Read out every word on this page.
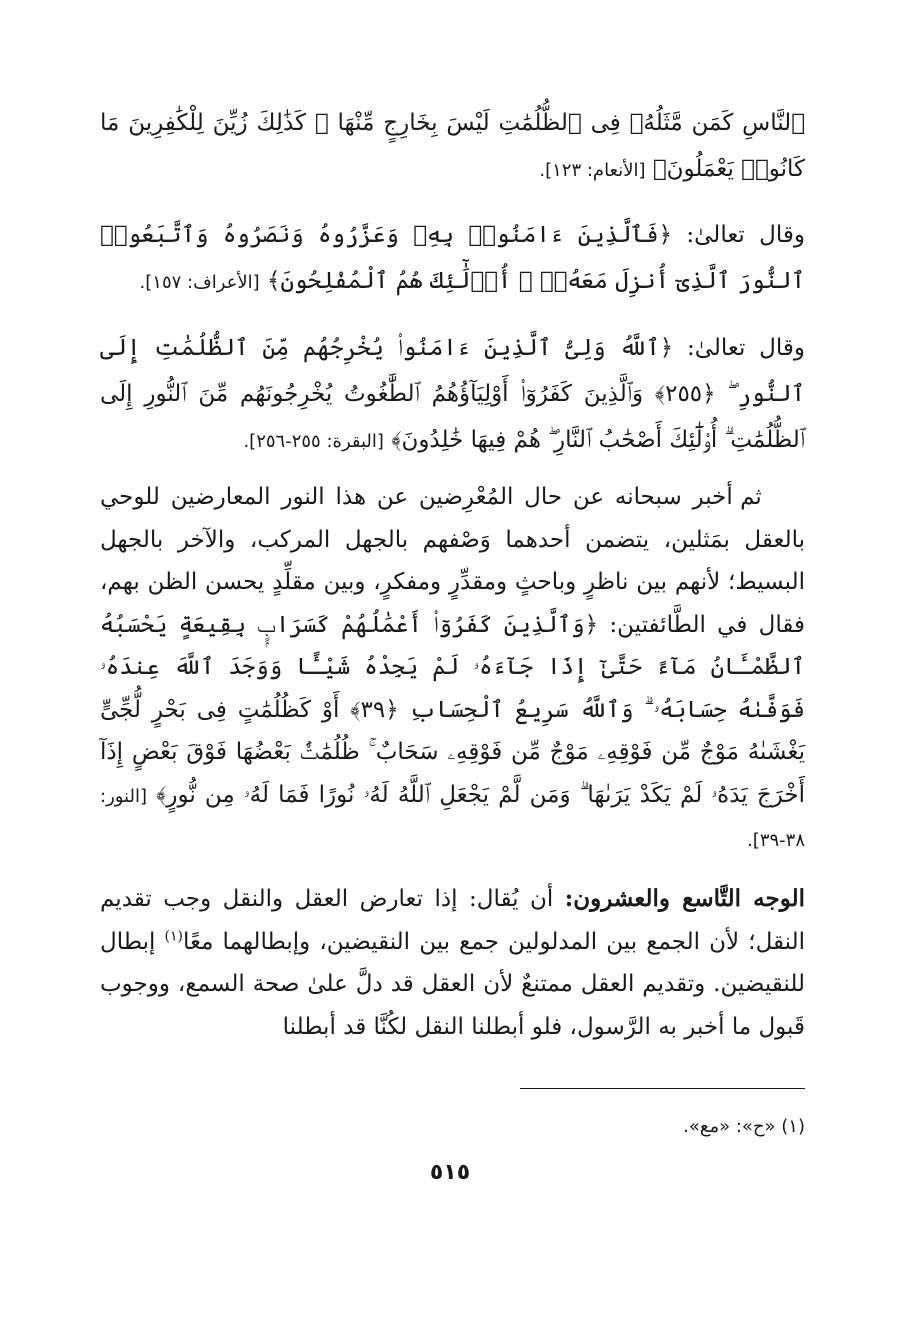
ٱلنَّاسِ كَمَن مَّثَلُهُۥ فِى ٱلظُّلُمَٰتِ لَيْسَ بِخَارِجٍ مِّنْهَا ۚ كَذَٰلِكَ زُيِّنَ لِلْكَٰفِرِينَ مَا كَانُوا۟ يَعْمَلُونَ﴾ [الأنعام: ١٢٣].
وقال تعالىٰ: ﴿فَٱلَّذِينَ ءَامَنُوا۟ بِهِۦ وَعَزَّرُوهُ وَنَصَرُوهُ وَٱتَّبَعُوا۟ ٱلنُّورَ ٱلَّذِىٓ أُنزِلَ مَعَهُۥٓ ۙ أُو۟لَٰٓئِكَ هُمُ ٱلْمُفْلِحُونَ﴾ [الأعراف: ١٥٧].
وقال تعالىٰ: ﴿ٱللَّهُ وَلِىُّ ٱلَّذِينَ ءَامَنُوا۟ يُخْرِجُهُم مِّنَ ٱلظُّلُمَٰتِ إِلَى ٱلنُّورِ ۖ ﴿٢٥٥﴾ وَٱلَّذِينَ كَفَرُوٓا۟ أَوْلِيَآؤُهُمُ ٱلطَّٰغُوتُ يُخْرِجُونَهُم مِّنَ ٱلنُّورِ إِلَى ٱلظُّلُمَٰتِ ۗ أُو۟لَٰٓئِكَ أَصْحَٰبُ ٱلنَّارِ ۖ هُمْ فِيهَا خَٰلِدُونَ﴾ [البقرة: ٢٥٥-٢٥٦].
ثم أخبر سبحانه عن حال المُعْرِضين عن هذا النور المعارضين للوحي بالعقل بمَثلين، يتضمن أحدهما وَصْفهم بالجهل المركب، والآخر بالجهل البسيط؛ لأنهم بين ناظرٍ وباحثٍ ومقدِّرٍ ومفكرٍ، وبين مقلِّدٍ يحسن الظن بهم، فقال في الطَّائفتين: ﴿وَٱلَّذِينَ كَفَرُوٓا۟ أَعْمَٰلُهُمْ كَسَرَابٍۭ بِقِيعَةٍ يَحْسَبُهُ ٱلظَّمْـَٔانُ مَآءً حَتَّىٰٓ إِذَا جَآءَهُۥ لَمْ يَجِدْهُ شَيْـًٔا وَوَجَدَ ٱللَّهَ عِندَهُۥ فَوَفَّىٰهُ حِسَابَهُۥ ۗ وَٱللَّهُ سَرِيعُ ٱلْحِسَابِ ﴿٣٩﴾ أَوْ كَظُلُمَٰتٍ فِى بَحْرٍ لُّجِّىٍّ يَغْشَىٰهُ مَوْجٌ مِّن فَوْقِهِۦ مَوْجٌ مِّن فَوْقِهِۦ سَحَابٌ ۚ ظُلُمَٰتٌۢ بَعْضُهَا فَوْقَ بَعْضٍ إِذَآ أَخْرَجَ يَدَهُۥ لَمْ يَكَدْ يَرَىٰهَا ۗ وَمَن لَّمْ يَجْعَلِ ٱللَّهُ لَهُۥ نُورًا فَمَا لَهُۥ مِن نُّورٍ﴾ [النور: ٣٨-٣٩].
الوجه التَّاسع والعشرون: أن يُقال: إذا تعارض العقل والنقل وجب تقديم النقل؛ لأن الجمع بين المدلولين جمع بين النقيضين، وإبطالهما معًا$^{(١)}$ إبطال للنقيضين. وتقديم العقل ممتنعٌ لأن العقل قد دلَّ علىٰ صحة السمع، ووجوب قَبول ما أخبر به الرَّسول، فلو أبطلنا النقل لكُنَّا قد أبطلنا
(١) «ح»: «مع».
٥١٥
